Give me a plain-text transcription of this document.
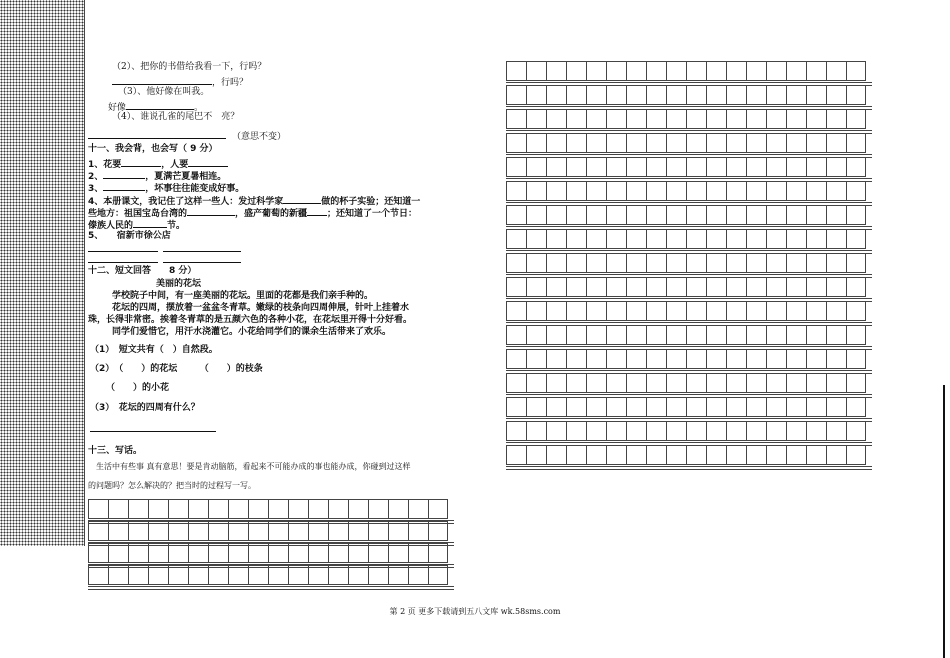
（2）、把你的书借给我看一下，行吗？
，行吗？
（3）、他好像在叫我。
好像	。
（4）、谁说孔雀的尾巴不　亮？
（意思不变）
十一、我会背，也会写（ 9 分）
1、花要	，人要
2、	，夏满芒夏暑相连。
3、	，坏事往往能变成好事。
4、本册课文，我记住了这样一些人：发过科学家	做的杯子实验；还知道一
些地方：祖国宝岛台湾的	，盛产葡萄的新疆 ；还知道了一个节日：
傣族人民的	节。
5、　　宿新市徐公店
十二、短文回答　　8 分）
美丽的花坛
学校院子中间，有一座美丽的花坛。里面的花都是我们亲手种的。
花坛的四周，摆放着一盆盆冬青草。嫩绿的枝条向四周伸展，针叶上挂着水
珠，长得非常密。挨着冬青草的是五颜六色的各种小花，在花坛里开得十分好看。
同学们爱惜它，用汗水浇灌它。小花给同学们的课余生活带来了欢乐。
（1）　短文共有（　）自然段。
（2）　（　　）的花坛　　　（　　）的枝条
（　　）的小花
（3）　花坛的四周有什么？
十三、写话。
生活中有些事 真有意思！要是肯动脑筋，看起来不可能办成的事也能办成，你碰到过这样
的问题吗？怎么解决的？把当时的过程写一写。
第 2 页 更多下载请到五八文库 wk.58sms.com
